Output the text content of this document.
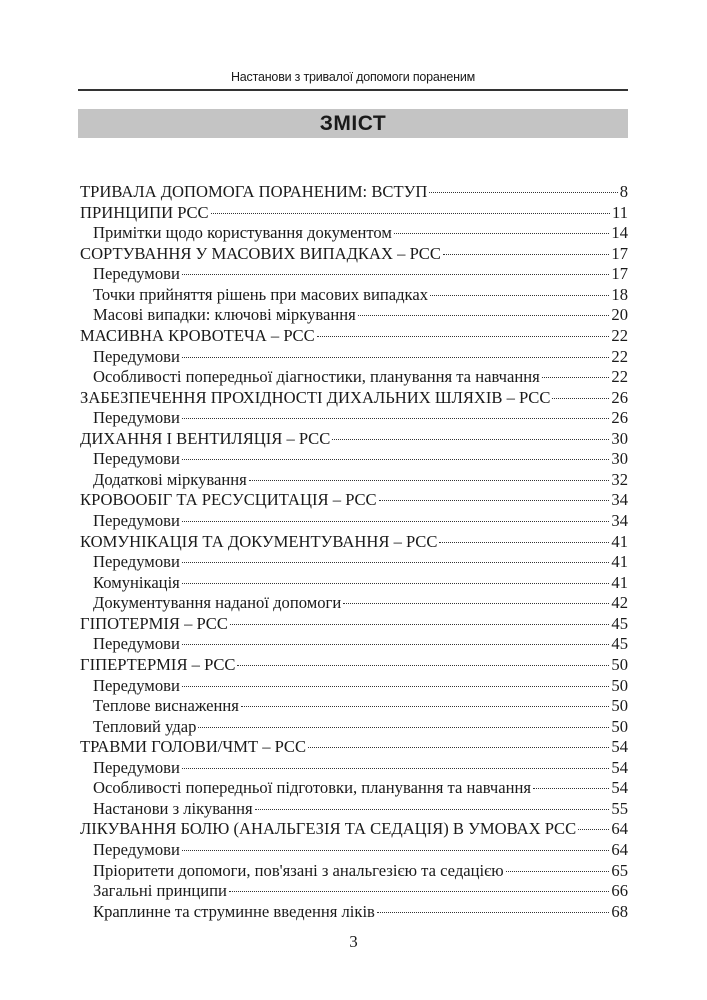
Настанови з тривалої допомоги пораненим
ЗМІСТ
ТРИВАЛА ДОПОМОГА ПОРАНЕНИМ: ВСТУП	8
ПРИНЦИПИ PCC	11
Примітки щодо користування документом	14
СОРТУВАННЯ У МАСОВИХ ВИПАДКАХ – PCC	17
Передумови	17
Точки прийняття рішень при масових випадках	18
Масові випадки: ключові міркування	20
МАСИВНА КРОВОТЕЧА – PCC	22
Передумови	22
Особливості попередньої діагностики, планування та навчання	22
ЗАБЕЗПЕЧЕННЯ ПРОХІДНОСТІ ДИХАЛЬНИХ ШЛЯХІВ – PCC	26
Передумови	26
ДИХАННЯ І ВЕНТИЛЯЦІЯ – PCC	30
Передумови	30
Додаткові міркування	32
КРОВООБІГ ТА РЕСУСЦИТАЦІЯ – PCC	34
Передумови	34
КОМУНІКАЦІЯ ТА ДОКУМЕНТУВАННЯ – PCC	41
Передумови	41
Комунікація	41
Документування наданої допомоги	42
ГІПОТЕРМІЯ – PCC	45
Передумови	45
ГІПЕРТЕРМІЯ – PCC	50
Передумови	50
Теплове виснаження	50
Тепловий удар	50
ТРАВМИ ГОЛОВИ/ЧМТ – PCC	54
Передумови	54
Особливості попередньої підготовки, планування та навчання	54
Настанови з лікування	55
ЛІКУВАННЯ БОЛЮ (АНАЛЬГЕЗІЯ ТА СЕДАЦІЯ) В УМОВАХ PCC 64
Передумови	64
Пріоритети допомоги, пов'язані з анальгезією та седацією	65
Загальні принципи	66
Краплинне та струминне введення ліків	68
3
